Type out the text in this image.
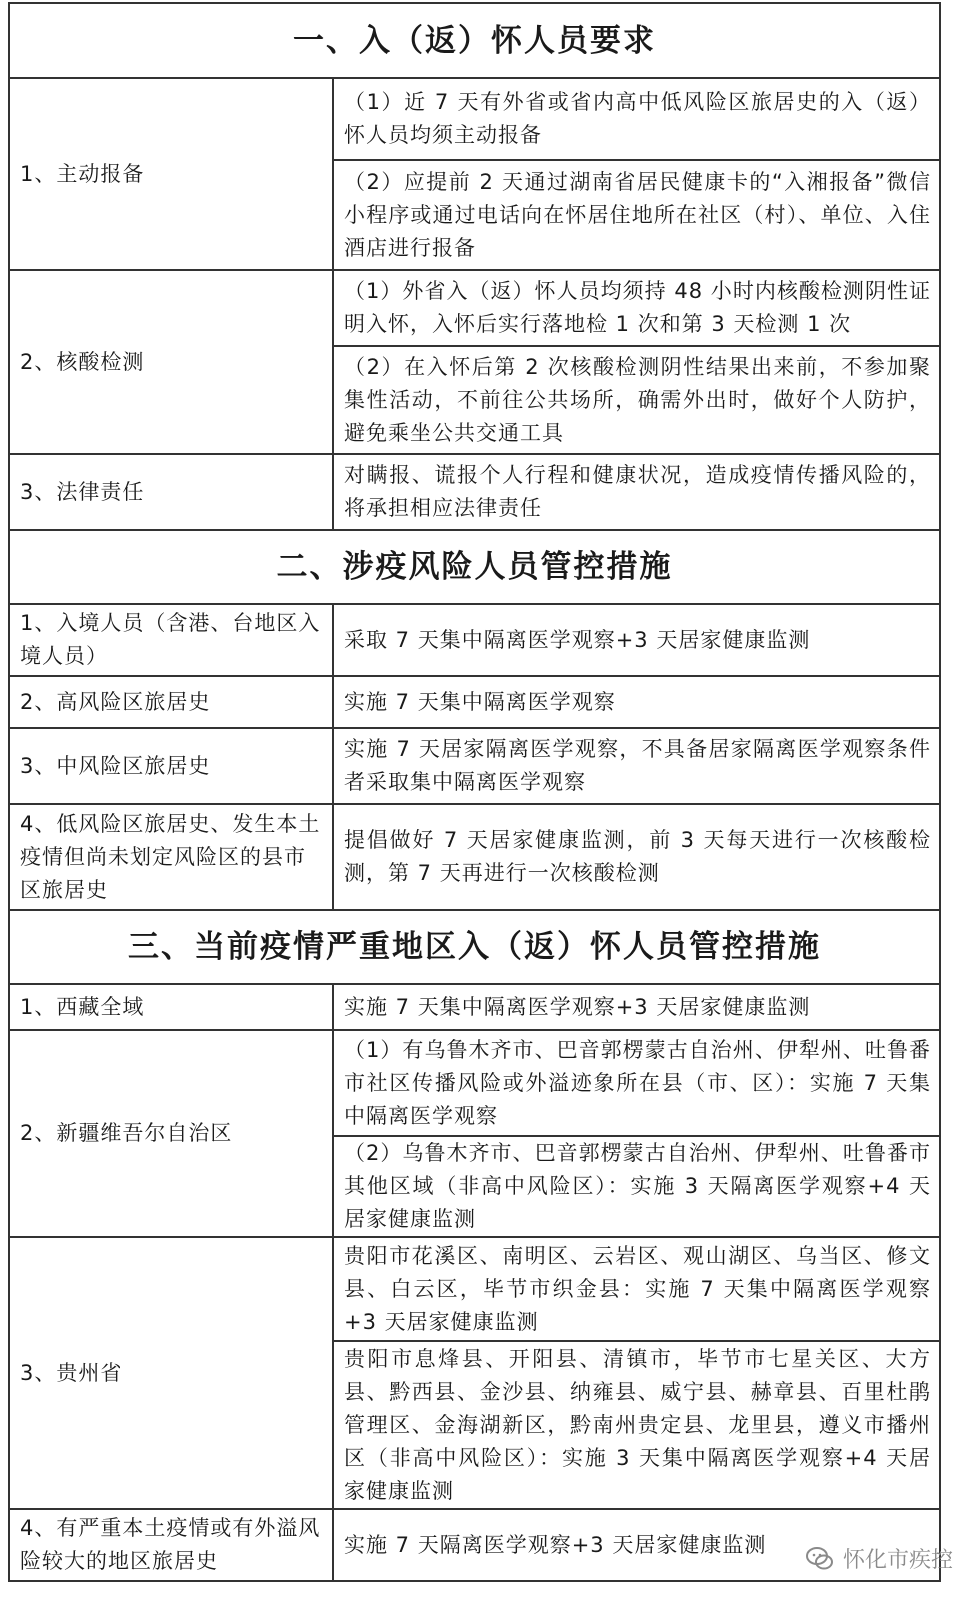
一、入（返）怀人员要求	
1、主动报备	（1）近 7 天有外省或省内高中低风险区旅居史的入（返）怀人员均须主动报备
	（2）应提前 2 天通过湖南省居民健康卡的“入湘报备”微信小程序或通过电话向在怀居住地所在社区（村）、单位、入住酒店进行报备
2、核酸检测	（1）外省入（返）怀人员均须持 48 小时内核酸检测阴性证明入怀，入怀后实行落地检 1 次和第 3 天检测 1 次
	（2）在入怀后第 2 次核酸检测阴性结果出来前，不参加聚集性活动，不前往公共场所，确需外出时，做好个人防护，避免乘坐公共交通工具
3、法律责任	对瞒报、谎报个人行程和健康状况，造成疫情传播风险的，将承担相应法律责任
二、涉疫风险人员管控措施	
1、入境人员（含港、台地区入境人员）	采取 7 天集中隔离医学观察+3 天居家健康监测
2、高风险区旅居史	实施 7 天集中隔离医学观察
3、中风险区旅居史	实施 7 天居家隔离医学观察，不具备居家隔离医学观察条件者采取集中隔离医学观察
4、低风险区旅居史、发生本土疫情但尚未划定风险区的县市区旅居史	提倡做好 7 天居家健康监测，前 3 天每天进行一次核酸检测，第 7 天再进行一次核酸检测
三、当前疫情严重地区入（返）怀人员管控措施	
1、西藏全域	实施 7 天集中隔离医学观察+3 天居家健康监测
2、新疆维吾尔自治区	（1）有乌鲁木齐市、巴音郭楞蒙古自治州、伊犁州、吐鲁番市社区传播风险或外溢迹象所在县（市、区）：实施 7 天集中隔离医学观察
	（2）乌鲁木齐市、巴音郭楞蒙古自治州、伊犁州、吐鲁番市其他区域（非高中风险区）：实施 3 天隔离医学观察+4 天居家健康监测
3、贵州省	贵阳市花溪区、南明区、云岩区、观山湖区、乌当区、修文县、白云区，毕节市织金县：实施 7 天集中隔离医学观察+3 天居家健康监测
	贵阳市息烽县、开阳县、清镇市，毕节市七星关区、大方县、黔西县、金沙县、纳雍县、威宁县、赫章县、百里杜鹃管理区、金海湖新区，黔南州贵定县、龙里县，遵义市播州区（非高中风险区）：实施 3 天集中隔离医学观察+4 天居家健康监测
4、有严重本土疫情或有外溢风险较大的地区旅居史	实施 7 天隔离医学观察+3 天居家健康监测
怀化市疾控
